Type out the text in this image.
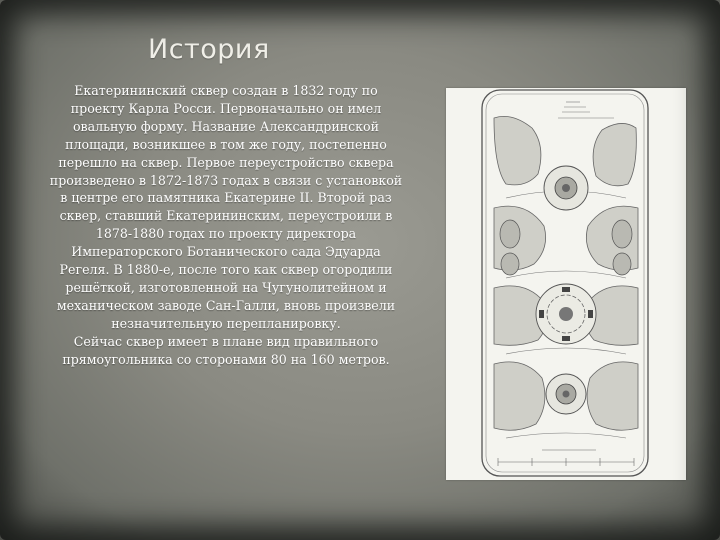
История

Екатерининский сквер создан в 1832 году по проекту Карла Росси. Первоначально он имел овальную форму. Название Александринской площади, возникшее в том же году, постепенно перешло на сквер. Первое переустройство сквера произведено в 1872-1873 годах в связи с установкой в центре его памятника Екатерине II. Второй раз сквер, ставший Екатерининским, переустроили в 1878-1880 годах по проекту директора Императорского Ботанического сада Эдуарда Регеля. В 1880-е, после того как сквер огородили решёткой, изготовленной на Чугунолитейном и механическом заводе Сан-Галли, вновь произвели незначительную перепланировку.

Сейчас сквер имеет в плане вид правильного прямоугольника со сторонами 80 на 160 метров.
